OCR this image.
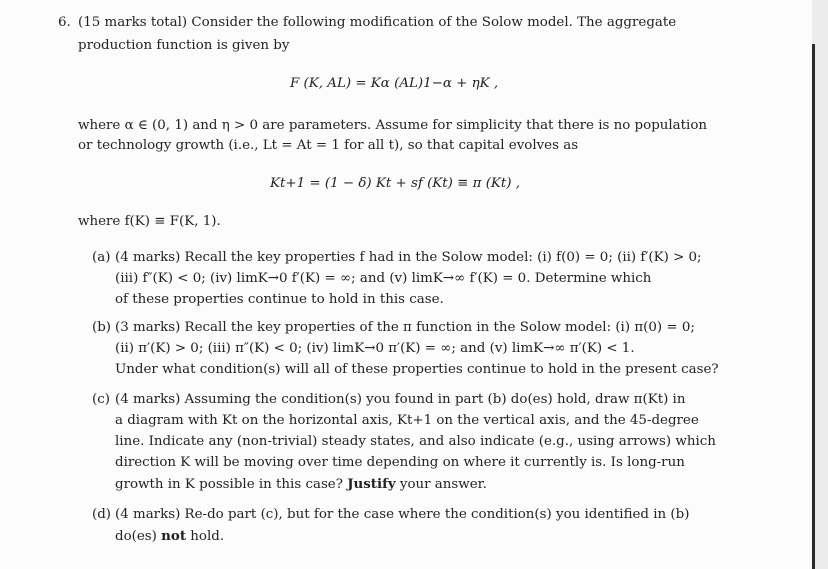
6. (15 marks total) Consider the following modification of the Solow model. The aggregate
production function is given by
F (K, AL) = Kα (AL)1−α + ηK ,
where α ∈ (0, 1) and η > 0 are parameters. Assume for simplicity that there is no population
or technology growth (i.e., Lt = At = 1 for all t), so that capital evolves as
Kt+1 = (1 − δ) Kt + sf (Kt) ≡ π (Kt) ,
where f(K) ≡ F(K, 1).
(a) (4 marks) Recall the key properties f had in the Solow model: (i) f(0) = 0; (ii) f′(K) > 0;
(iii) f″(K) < 0; (iv) limK→0 f′(K) = ∞; and (v) limK→∞ f′(K) = 0. Determine which
of these properties continue to hold in this case.
(b) (3 marks) Recall the key properties of the π function in the Solow model: (i) π(0) = 0;
(ii) π′(K) > 0; (iii) π″(K) < 0; (iv) limK→0 π′(K) = ∞; and (v) limK→∞ π′(K) < 1.
Under what condition(s) will all of these properties continue to hold in the present case?
(c) (4 marks) Assuming the condition(s) you found in part (b) do(es) hold, draw π(Kt) in
a diagram with Kt on the horizontal axis, Kt+1 on the vertical axis, and the 45-degree
line. Indicate any (non-trivial) steady states, and also indicate (e.g., using arrows) which
direction K will be moving over time depending on where it currently is. Is long-run
growth in K possible in this case? Justify your answer.
(d) (4 marks) Re-do part (c), but for the case where the condition(s) you identified in (b)
do(es) not hold.
